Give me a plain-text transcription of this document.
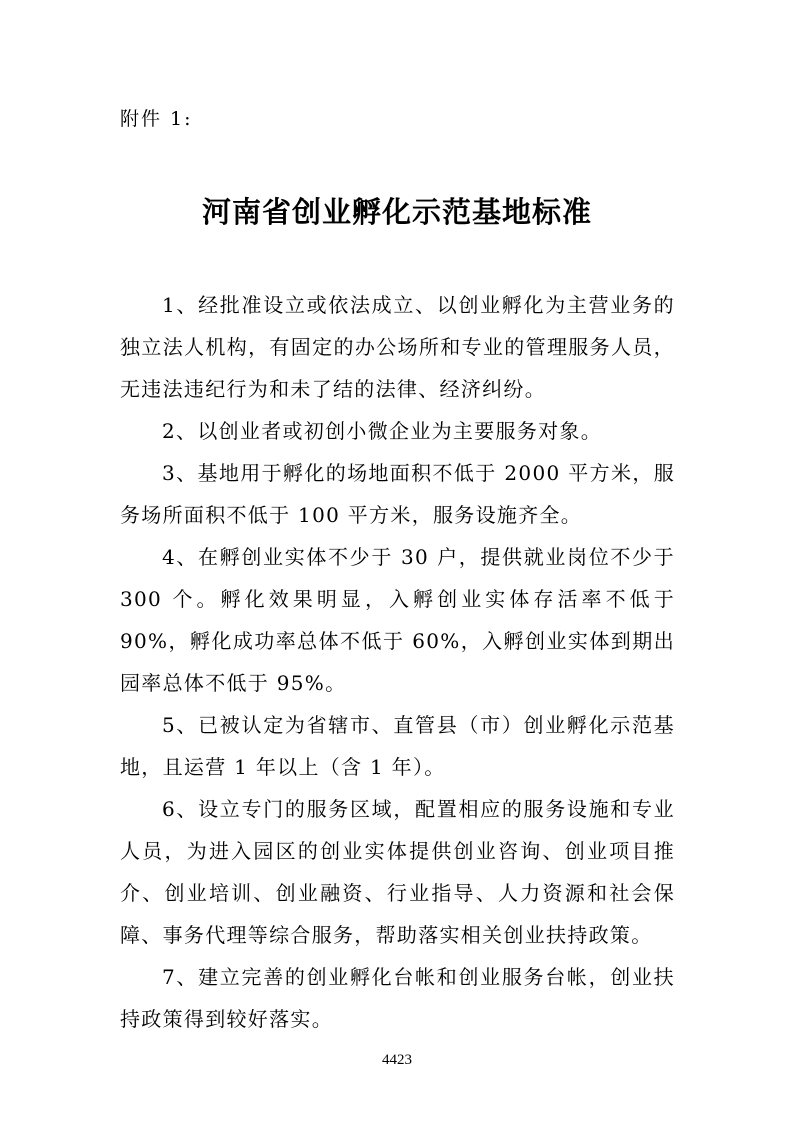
附件 1:
河南省创业孵化示范基地标准

1、经批准设立或依法成立、以创业孵化为主营业务的独立法人机构，有固定的办公场所和专业的管理服务人员，无违法违纪行为和未了结的法律、经济纠纷。

2、以创业者或初创小微企业为主要服务对象。

3、基地用于孵化的场地面积不低于 2000 平方米，服务场所面积不低于 100 平方米，服务设施齐全。

4、在孵创业实体不少于 30 户，提供就业岗位不少于 300 个。孵化效果明显，入孵创业实体存活率不低于 90%，孵化成功率总体不低于 60%，入孵创业实体到期出园率总体不低于 95%。

5、已被认定为省辖市、直管县（市）创业孵化示范基地，且运营 1 年以上（含 1 年）。

6、设立专门的服务区域，配置相应的服务设施和专业人员，为进入园区的创业实体提供创业咨询、创业项目推介、创业培训、创业融资、行业指导、人力资源和社会保障、事务代理等综合服务，帮助落实相关创业扶持政策。

7、建立完善的创业孵化台帐和创业服务台帐，创业扶持政策得到较好落实。

4423
